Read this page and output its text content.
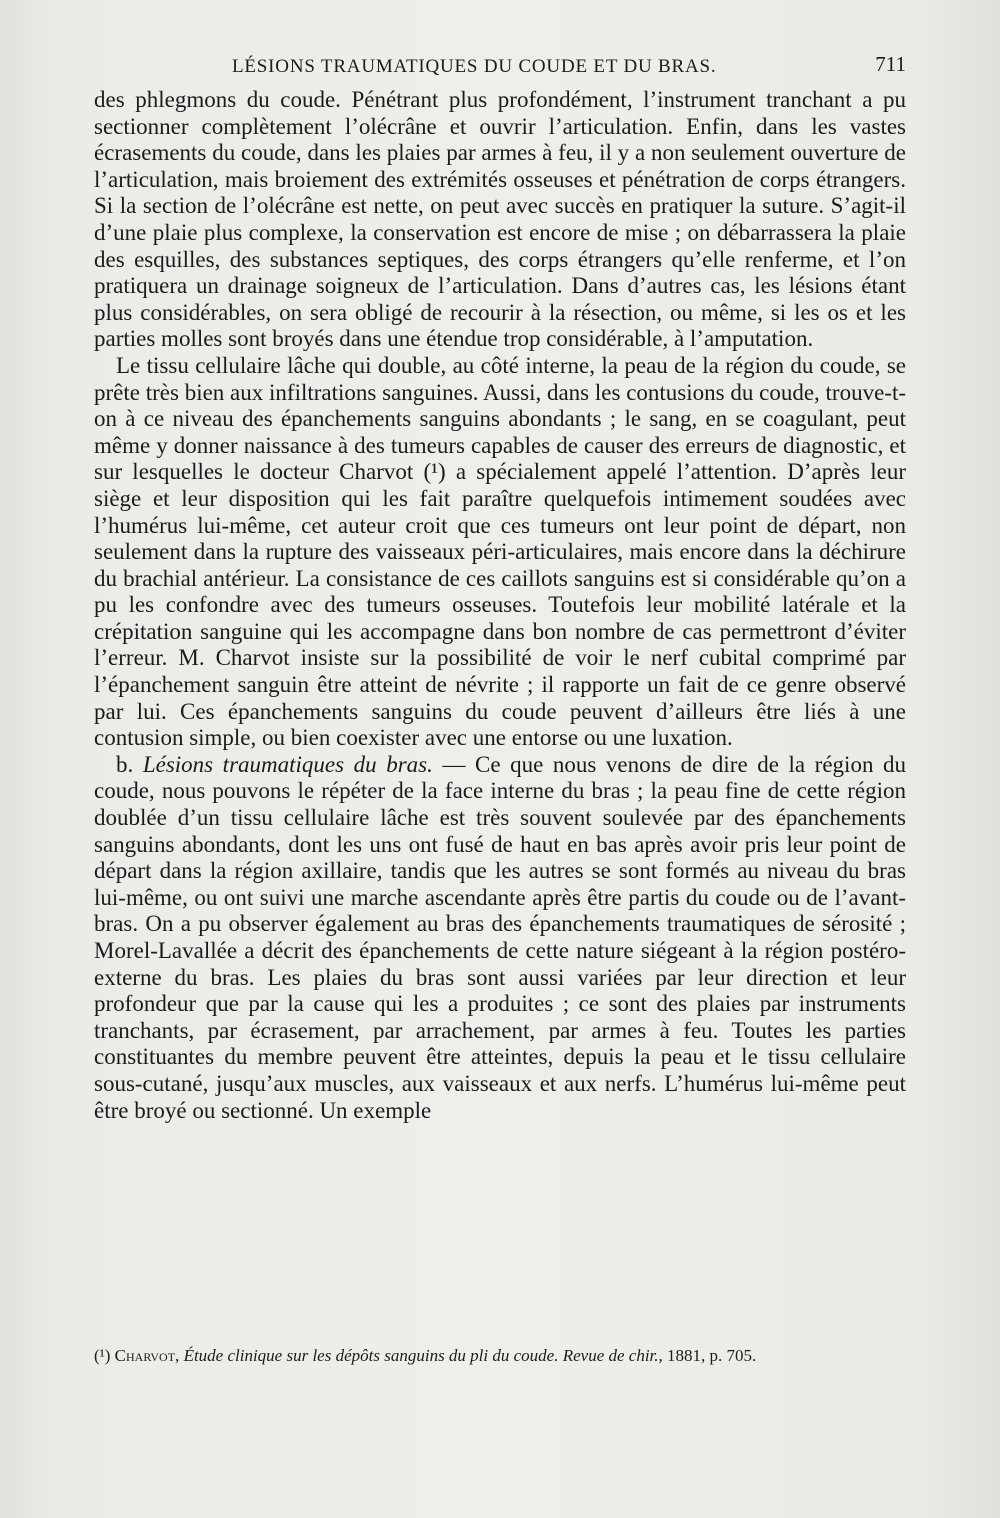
LÉSIONS TRAUMATIQUES DU COUDE ET DU BRAS.	711

des phlegmons du coude. Pénétrant plus profondément, l’instrument tranchant a pu sectionner complètement l’olécrâne et ouvrir l’articulation. Enfin, dans les vastes écrasements du coude, dans les plaies par armes à feu, il y a non seulement ouverture de l’articulation, mais broiement des extrémités osseuses et pénétration de corps étrangers. Si la section de l’olécrâne est nette, on peut avec succès en pratiquer la suture. S’agit-il d’une plaie plus complexe, la conservation est encore de mise ; on débarrassera la plaie des esquilles, des substances septiques, des corps étrangers qu’elle renferme, et l’on pratiquera un drainage soigneux de l’articulation. Dans d’autres cas, les lésions étant plus considérables, on sera obligé de recourir à la résection, ou même, si les os et les parties molles sont broyés dans une étendue trop considérable, à l’amputation.

Le tissu cellulaire lâche qui double, au côté interne, la peau de la région du coude, se prête très bien aux infiltrations sanguines. Aussi, dans les contusions du coude, trouve-t-on à ce niveau des épanchements sanguins abondants ; le sang, en se coagulant, peut même y donner naissance à des tumeurs capables de causer des erreurs de diagnostic, et sur lesquelles le docteur Charvot (¹) a spécialement appelé l’attention. D’après leur siège et leur disposition qui les fait paraître quelquefois intimement soudées avec l’humérus lui-même, cet auteur croit que ces tumeurs ont leur point de départ, non seulement dans la rupture des vaisseaux péri-articulaires, mais encore dans la déchirure du brachial antérieur. La consistance de ces caillots sanguins est si considérable qu’on a pu les confondre avec des tumeurs osseuses. Toutefois leur mobilité latérale et la crépitation sanguine qui les accompagne dans bon nombre de cas permettront d’éviter l’erreur. M. Charvot insiste sur la possibilité de voir le nerf cubital comprimé par l’épanchement sanguin être atteint de névrite ; il rapporte un fait de ce genre observé par lui. Ces épanchements sanguins du coude peuvent d’ailleurs être liés à une contusion simple, ou bien coexister avec une entorse ou une luxation.

b. Lésions traumatiques du bras. — Ce que nous venons de dire de la région du coude, nous pouvons le répéter de la face interne du bras ; la peau fine de cette région doublée d’un tissu cellulaire lâche est très souvent soulevée par des épanchements sanguins abondants, dont les uns ont fusé de haut en bas après avoir pris leur point de départ dans la région axillaire, tandis que les autres se sont formés au niveau du bras lui-même, ou ont suivi une marche ascendante après être partis du coude ou de l’avant-bras. On a pu observer également au bras des épanchements traumatiques de sérosité ; Morel-Lavallée a décrit des épanchements de cette nature siégeant à la région postéro-externe du bras. Les plaies du bras sont aussi variées par leur direction et leur profondeur que par la cause qui les a produites ; ce sont des plaies par instruments tranchants, par écrasement, par arrachement, par armes à feu. Toutes les parties constituantes du membre peuvent être atteintes, depuis la peau et le tissu cellulaire sous-cutané, jusqu’aux muscles, aux vaisseaux et aux nerfs. L’humérus lui-même peut être broyé ou sectionné. Un exemple

(¹) Charvot, Étude clinique sur les dépôts sanguins du pli du coude. Revue de chir., 1881, p. 705.
